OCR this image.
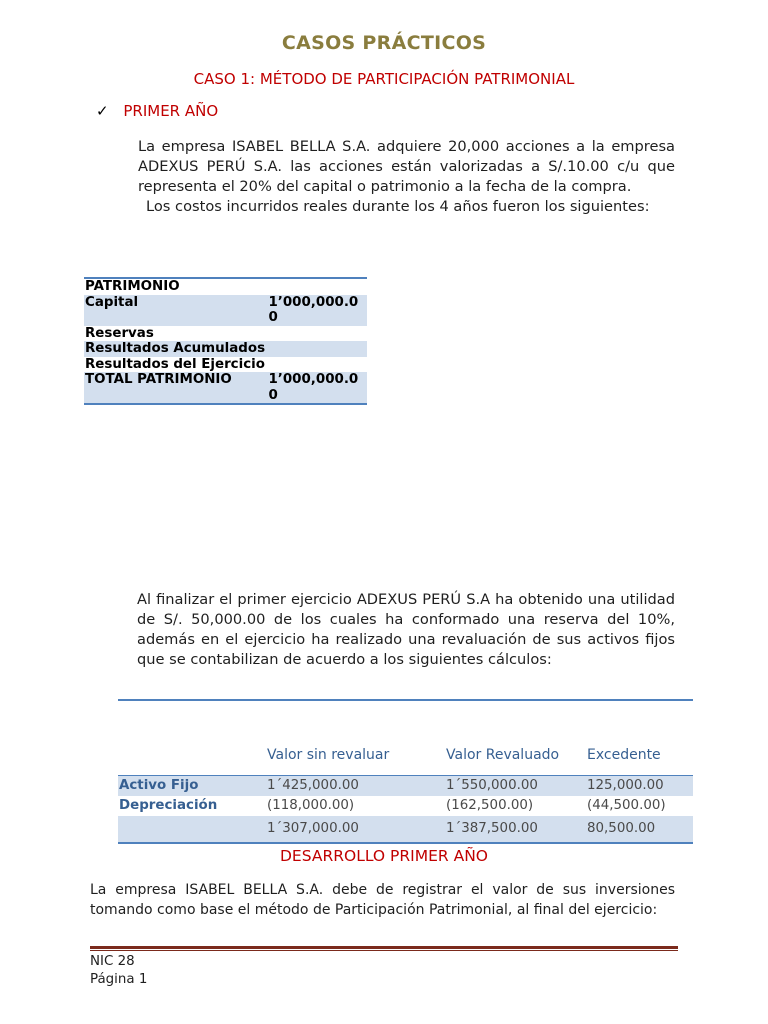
CASOS PRÁCTICOS
CASO 1: MÉTODO DE PARTICIPACIÓN PATRIMONIAL
✓ PRIMER AÑO
La empresa ISABEL BELLA S.A. adquiere 20,000 acciones a la empresa ADEXUS PERÚ S.A. las acciones están valorizadas a S/.10.00 c/u que representa el 20% del capital o patrimonio a la fecha de la compra.
Los costos incurridos reales durante los 4 años fueron los siguientes:
PATRIMONIO	
Capital	1’000,000.00
Reservas	
Resultados Acumulados	
Resultados del Ejercicio	
TOTAL PATRIMONIO	1’000,000.00
Al finalizar el primer ejercicio ADEXUS PERÚ S.A ha obtenido una utilidad de S/. 50,000.00 de los cuales ha conformado una reserva del 10%, además en el ejercicio ha realizado una revaluación de sus activos fijos que se contabilizan de acuerdo a los siguientes cálculos:

	Valor sin revaluar	Valor Revaluado	Excedente
Activo Fijo	1´425,000.00	1´550,000.00	125,000.00
Depreciación	(118,000.00)	(162,500.00)	(44,500.00)
	1´307,000.00	1´387,500.00	80,500.00
DESARROLLO PRIMER AÑO
La empresa ISABEL BELLA S.A. debe de registrar el valor de sus inversiones tomando como base el método de Participación Patrimonial, al final del ejercicio:
NIC 28
Página 1
